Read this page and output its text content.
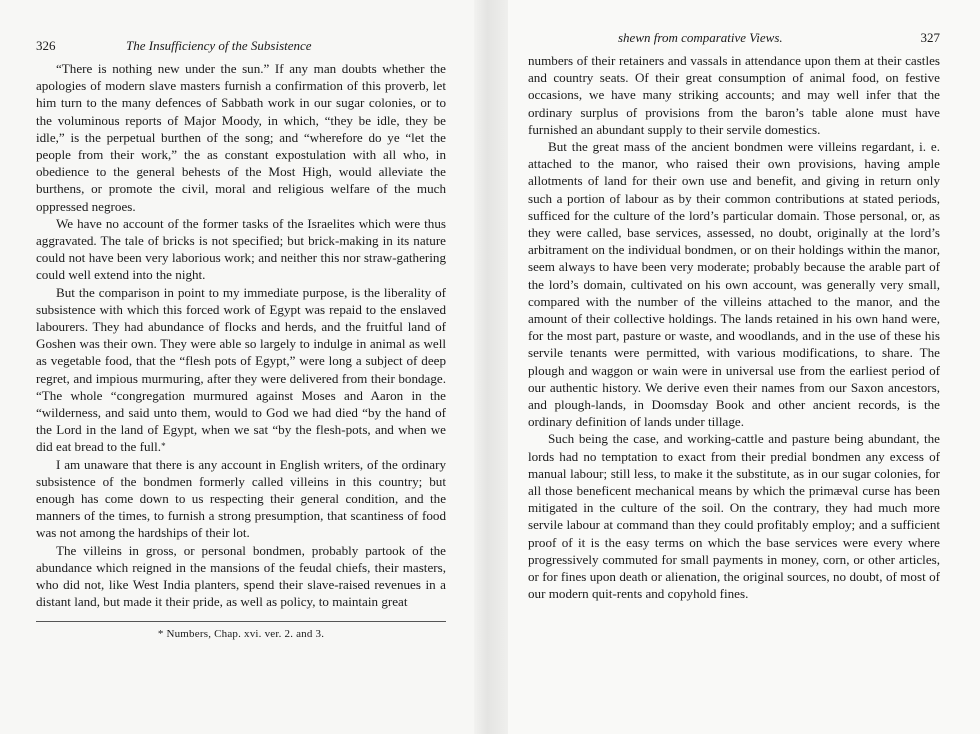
326	The Insufficiency of the Subsistence

“There is nothing new under the sun.” If any man doubts whether the apologies of modern slave masters furnish a confirmation of this proverb, let him turn to the many defences of Sabbath work in our sugar colonies, or to the voluminous reports of Major Moody, in which, “they be idle, they be idle,” is the perpetual burthen of the song; and “wherefore do ye “let the people from their work,” the as constant expostulation with all who, in obedience to the general behests of the Most High, would alleviate the burthens, or promote the civil, moral and religious welfare of the much oppressed negroes.

We have no account of the former tasks of the Israelites which were thus aggravated. The tale of bricks is not specified; but brick-making in its nature could not have been very laborious work; and neither this nor straw-gathering could well extend into the night.

But the comparison in point to my immediate purpose, is the liberality of subsistence with which this forced work of Egypt was repaid to the enslaved labourers. They had abundance of flocks and herds, and the fruitful land of Goshen was their own. They were able so largely to indulge in animal as well as vegetable food, that the “flesh pots of Egypt,” were long a subject of deep regret, and impious murmuring, after they were delivered from their bondage. “The whole “congregation murmured against Moses and Aaron in the “wilderness, and said unto them, would to God we had died “by the hand of the Lord in the land of Egypt, when we sat “by the flesh-pots, and when we did eat bread to the full.*

I am unaware that there is any account in English writers, of the ordinary subsistence of the bondmen formerly called villeins in this country; but enough has come down to us respecting their general condition, and the manners of the times, to furnish a strong presumption, that scantiness of food was not among the hardships of their lot.

The villeins in gross, or personal bondmen, probably partook of the abundance which reigned in the mansions of the feudal chiefs, their masters, who did not, like West India planters, spend their slave-raised revenues in a distant land, but made it their pride, as well as policy, to maintain great

* Numbers, Chap. xvi. ver. 2. and 3.
shewn from comparative Views.	327

numbers of their retainers and vassals in attendance upon them at their castles and country seats. Of their great consumption of animal food, on festive occasions, we have many striking accounts; and may well infer that the ordinary surplus of provisions from the baron’s table alone must have furnished an abundant supply to their servile domestics.

But the great mass of the ancient bondmen were villeins regardant, i. e. attached to the manor, who raised their own provisions, having ample allotments of land for their own use and benefit, and giving in return only such a portion of labour as by their common contributions at stated periods, sufficed for the culture of the lord’s particular domain. Those personal, or, as they were called, base services, assessed, no doubt, originally at the lord’s arbitrament on the individual bondmen, or on their holdings within the manor, seem always to have been very moderate; probably because the arable part of the lord’s domain, cultivated on his own account, was generally very small, compared with the number of the villeins attached to the manor, and the amount of their collective holdings. The lands retained in his own hand were, for the most part, pasture or waste, and woodlands, and in the use of these his servile tenants were permitted, with various modifications, to share. The plough and waggon or wain were in universal use from the earliest period of our authentic history. We derive even their names from our Saxon ancestors, and plough-lands, in Doomsday Book and other ancient records, is the ordinary definition of lands under tillage.

Such being the case, and working-cattle and pasture being abundant, the lords had no temptation to exact from their predial bondmen any excess of manual labour; still less, to make it the substitute, as in our sugar colonies, for all those beneficent mechanical means by which the primæval curse has been mitigated in the culture of the soil. On the contrary, they had much more servile labour at command than they could profitably employ; and a sufficient proof of it is the easy terms on which the base services were every where progressively commuted for small payments in money, corn, or other articles, or for fines upon death or alienation, the original sources, no doubt, of most of our modern quit-rents and copyhold fines.
